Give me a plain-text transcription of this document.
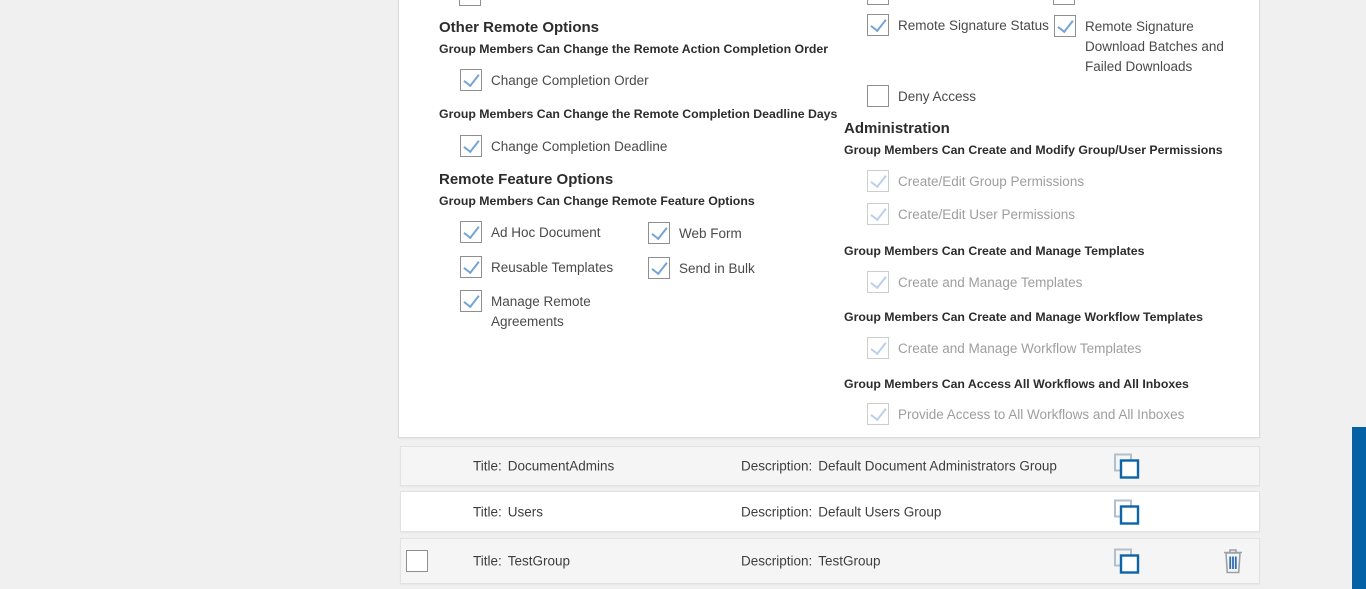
Other Remote Options
Group Members Can Change the Remote Action Completion Order
Change Completion Order
Group Members Can Change the Remote Completion Deadline Days
Change Completion Deadline
Remote Feature Options
Group Members Can Change Remote Feature Options
Ad Hoc Document	Web Form
Reusable Templates	Send in Bulk
Manage Remote Agreements
Remote Signature Status	Remote Signature Download Batches and Failed Downloads
Deny Access
Administration
Group Members Can Create and Modify Group/User Permissions
Create/Edit Group Permissions
Create/Edit User Permissions
Group Members Can Create and Manage Templates
Create and Manage Templates
Group Members Can Create and Manage Workflow Templates
Create and Manage Workflow Templates
Group Members Can Access All Workflows and All Inboxes
Provide Access to All Workflows and All Inboxes
Title: DocumentAdmins	Description: Default Document Administrators Group
Title: Users	Description: Default Users Group
Title: TestGroup	Description: TestGroup
